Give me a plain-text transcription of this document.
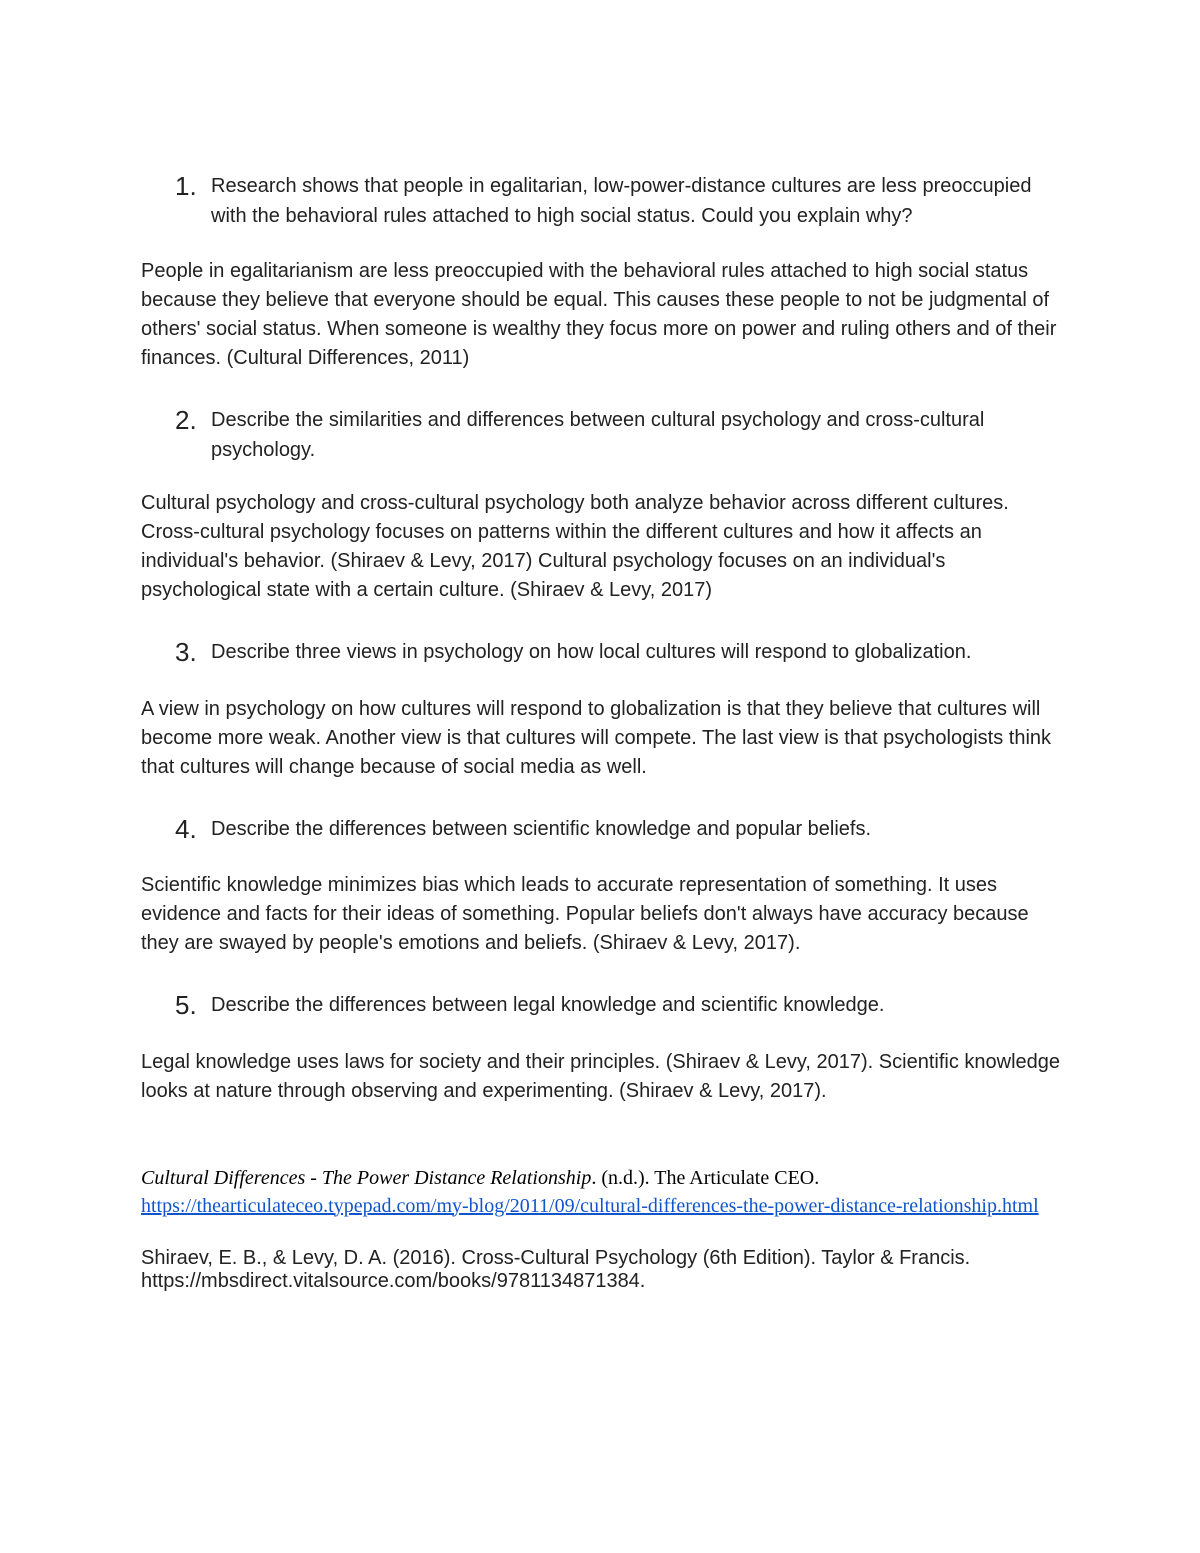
1. Research shows that people in egalitarian, low-power-distance cultures are less preoccupied with the behavioral rules attached to high social status. Could you explain why?

People in egalitarianism are less preoccupied with the behavioral rules attached to high social status because they believe that everyone should be equal. This causes these people to not be judgmental of others' social status. When someone is wealthy they focus more on power and ruling others and of their finances. (Cultural Differences, 2011)

2. Describe the similarities and differences between cultural psychology and cross-cultural psychology.

Cultural psychology and cross-cultural psychology both analyze behavior across different cultures. Cross-cultural psychology focuses on patterns within the different cultures and how it affects an individual's behavior. (Shiraev & Levy, 2017) Cultural psychology focuses on an individual's psychological state with a certain culture. (Shiraev & Levy, 2017)

3. Describe three views in psychology on how local cultures will respond to globalization.

A view in psychology on how cultures will respond to globalization is that they believe that cultures will become more weak. Another view is that cultures will compete. The last view is that psychologists think that cultures will change because of social media as well.

4. Describe the differences between scientific knowledge and popular beliefs.

Scientific knowledge minimizes bias which leads to accurate representation of something. It uses evidence and facts for their ideas of something. Popular beliefs don't always have accuracy because they are swayed by people's emotions and beliefs. (Shiraev & Levy, 2017).

5. Describe the differences between legal knowledge and scientific knowledge.

Legal knowledge uses laws for society and their principles. (Shiraev & Levy, 2017). Scientific knowledge looks at nature through observing and experimenting. (Shiraev & Levy, 2017).

Cultural Differences - The Power Distance Relationship. (n.d.). The Articulate CEO.
https://thearticulateceo.typepad.com/my-blog/2011/09/cultural-differences-the-power-distance-relationship.html

Shiraev, E. B., & Levy, D. A. (2016). Cross-Cultural Psychology (6th Edition). Taylor & Francis. https://mbsdirect.vitalsource.com/books/9781134871384.
